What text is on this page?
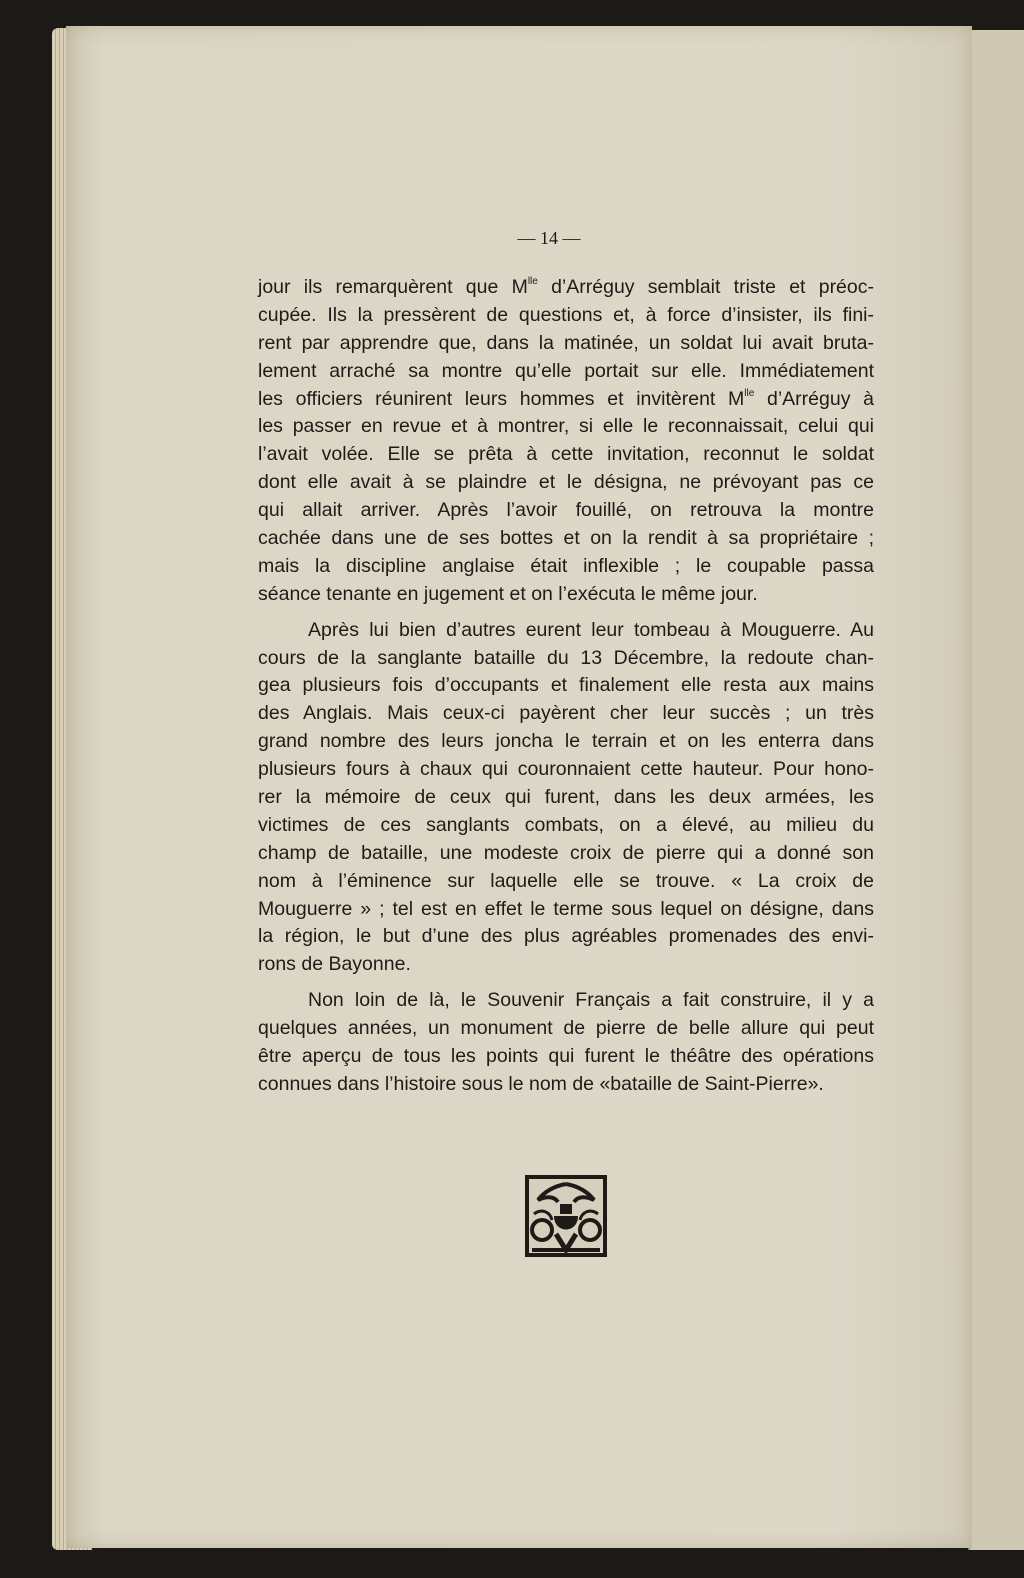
— 14 —
jour ils remarquèrent que $M^{lle}$ d’Arréguy semblait triste et préoc-
cupée. Ils la pressèrent de questions et, à force d’insister, ils fini-
rent par apprendre que, dans la matinée, un soldat lui avait bruta-
lement arraché sa montre qu’elle portait sur elle. Immédiatement
les officiers réunirent leurs hommes et invitèrent $M^{lle}$ d’Arréguy à
les passer en revue et à montrer, si elle le reconnaissait, celui qui
l’avait volée. Elle se prêta à cette invitation, reconnut le soldat
dont elle avait à se plaindre et le désigna, ne prévoyant pas ce
qui allait arriver. Après l’avoir fouillé, on retrouva la montre
cachée dans une de ses bottes et on la rendit à sa propriétaire ;
mais la discipline anglaise était inflexible ; le coupable passa
séance tenante en jugement et on l’exécuta le même jour.
Après lui bien d’autres eurent leur tombeau à Mouguerre. Au
cours de la sanglante bataille du 13 Décembre, la redoute chan-
gea plusieurs fois d’occupants et finalement elle resta aux mains
des Anglais. Mais ceux-ci payèrent cher leur succès ; un très
grand nombre des leurs jonchа le terrain et on les enterra dans
plusieurs fours à chaux qui couronnaient cette hauteur. Pour hono-
rer la mémoire de ceux qui furent, dans les deux armées, les
victimes de ces sanglants combats, on a élevé, au milieu du
champ de bataille, une modeste croix de pierre qui a donné son
nom à l’éminence sur laquelle elle se trouve. « La croix de
Mouguerre » ; tel est en effet le terme sous lequel on désigne, dans
la région, le but d’une des plus agréables promenades des envi-
rons de Bayonne.
Non loin de là, le Souvenir Français a fait construire, il y a
quelques années, un monument de pierre de belle allure qui peut
être aperçu de tous les points qui furent le théâtre des opérations
connues dans l’histoire sous le nom de «bataille de Saint-Pierre».
